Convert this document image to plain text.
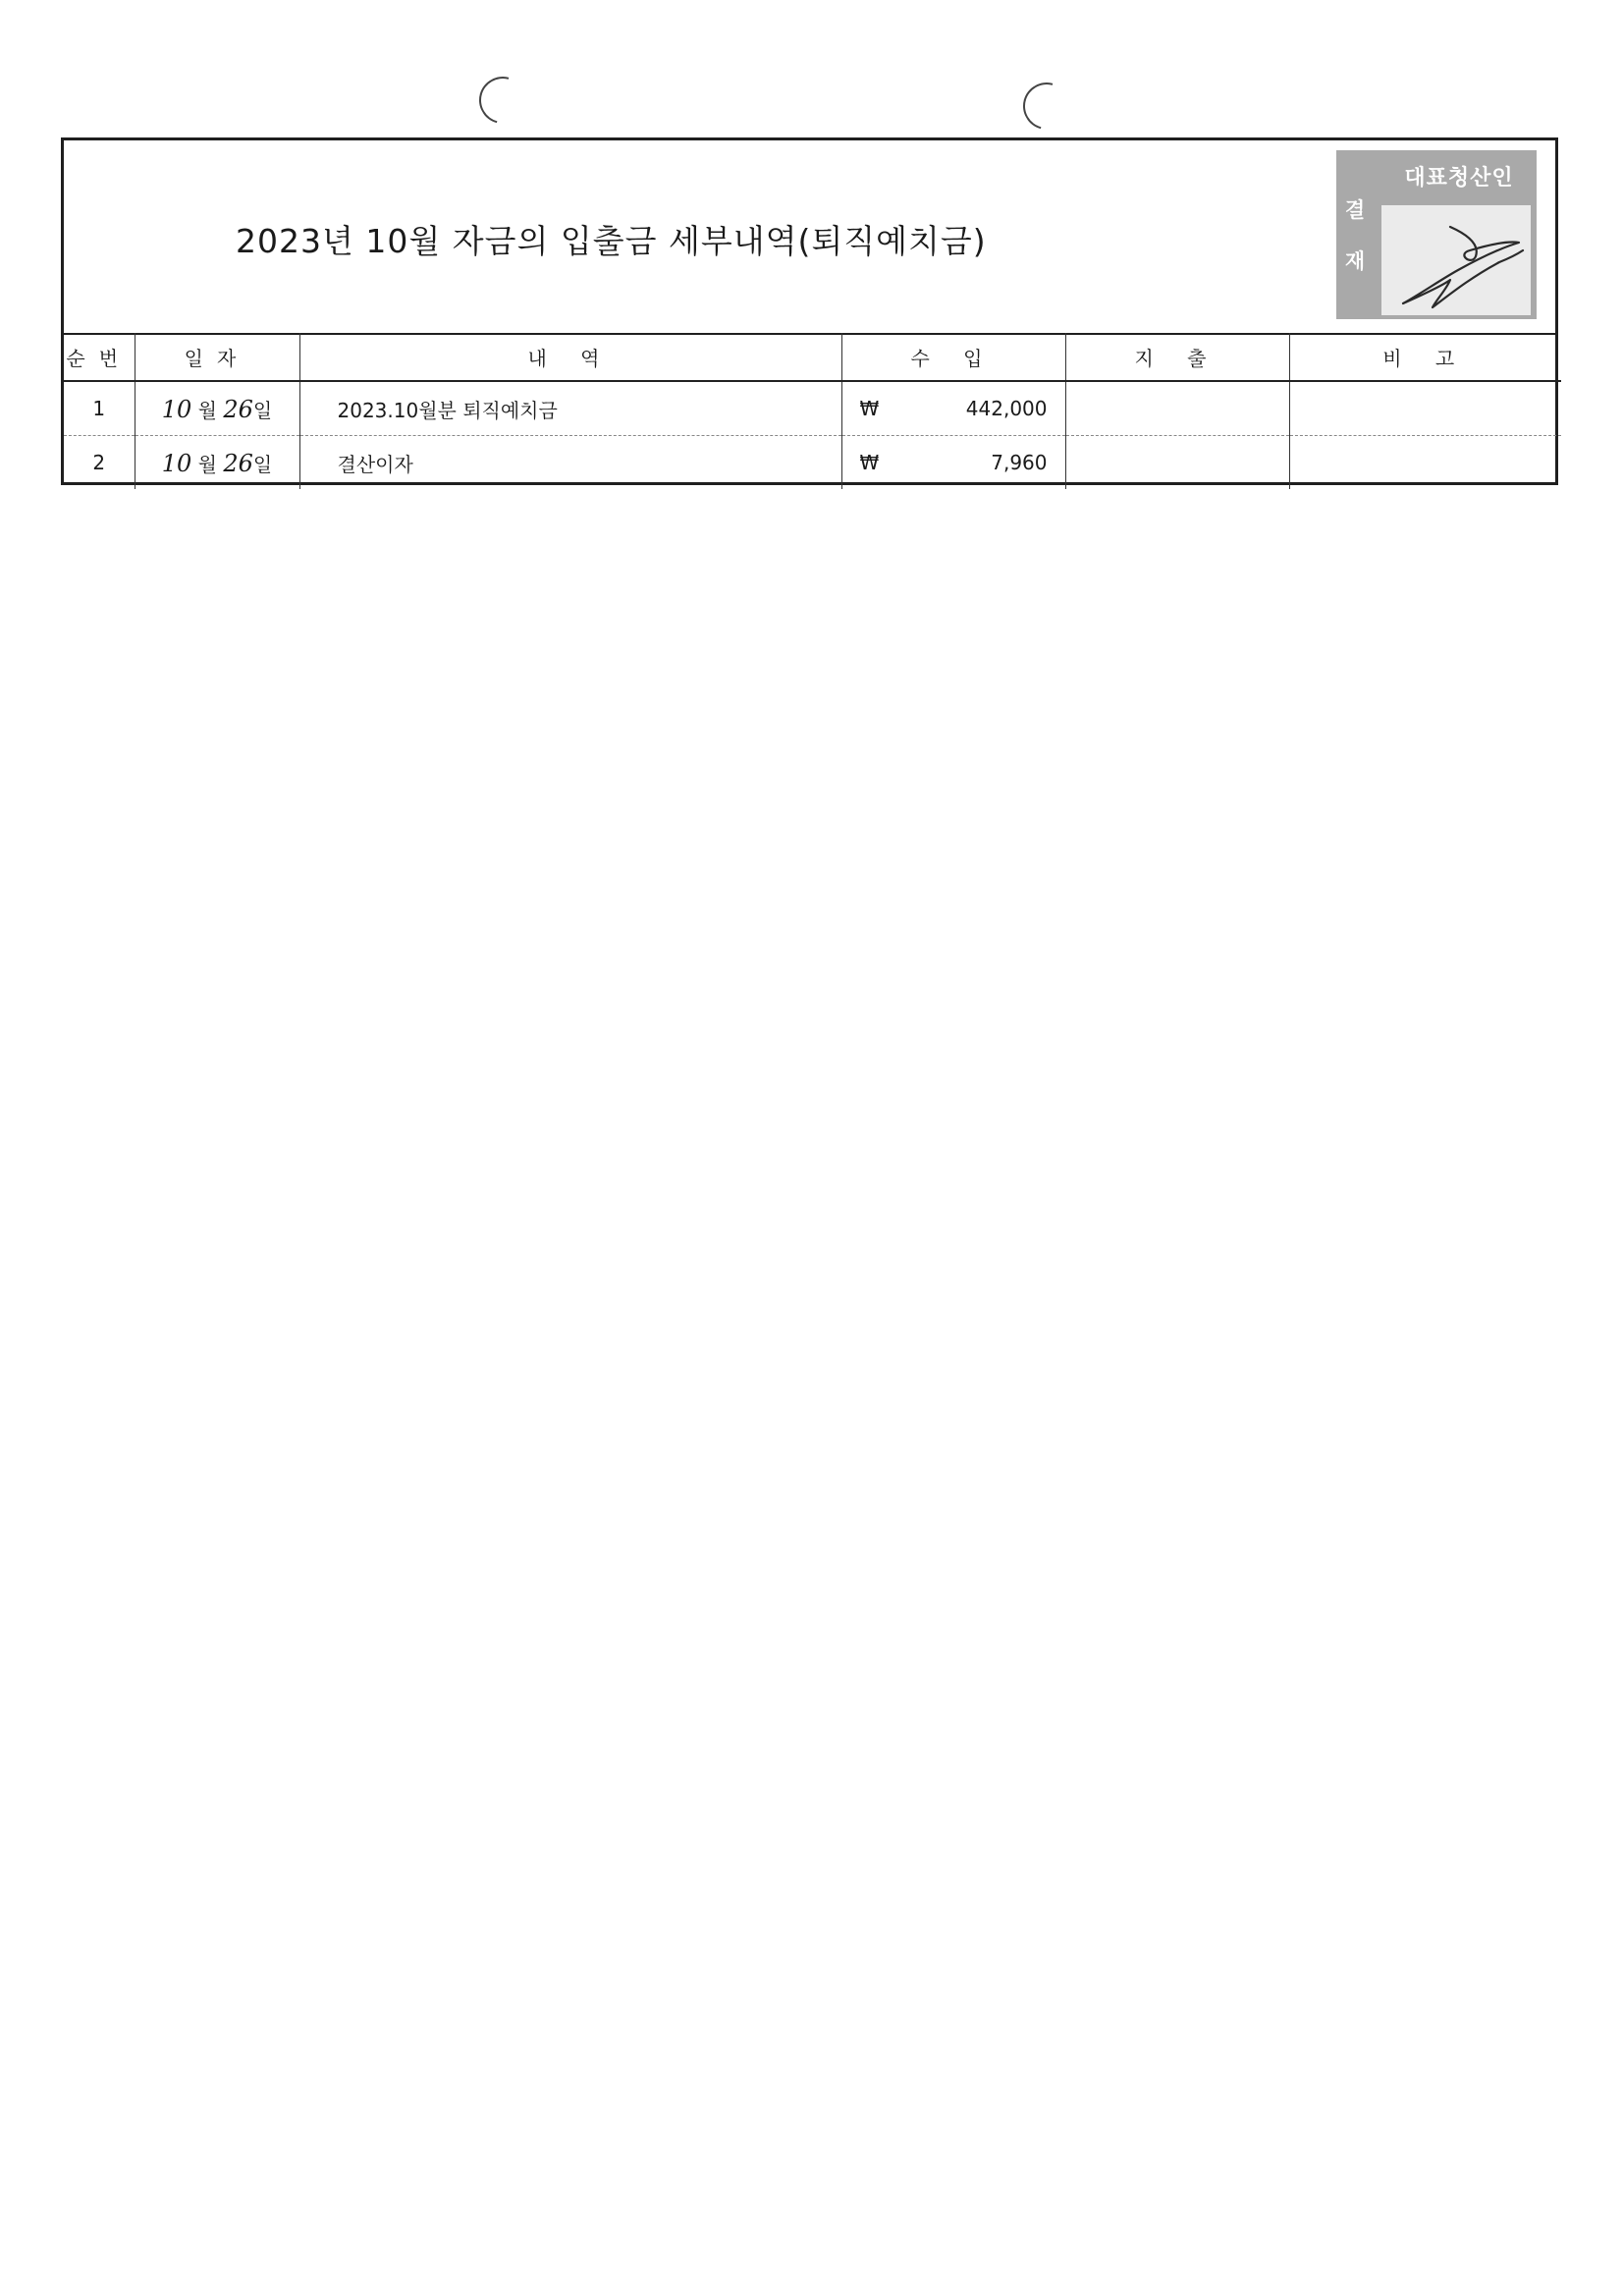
2023년 10월 자금의 입출금 세부내역(퇴직예치금)
결
재
대표청산인
순번	일자	내 역	수 입	지 출	비 고
1	10 월 26일	2023.10월분 퇴직예치금	₩ 442,000		

2	10 월 26일	결산이자	₩ 7,960		
